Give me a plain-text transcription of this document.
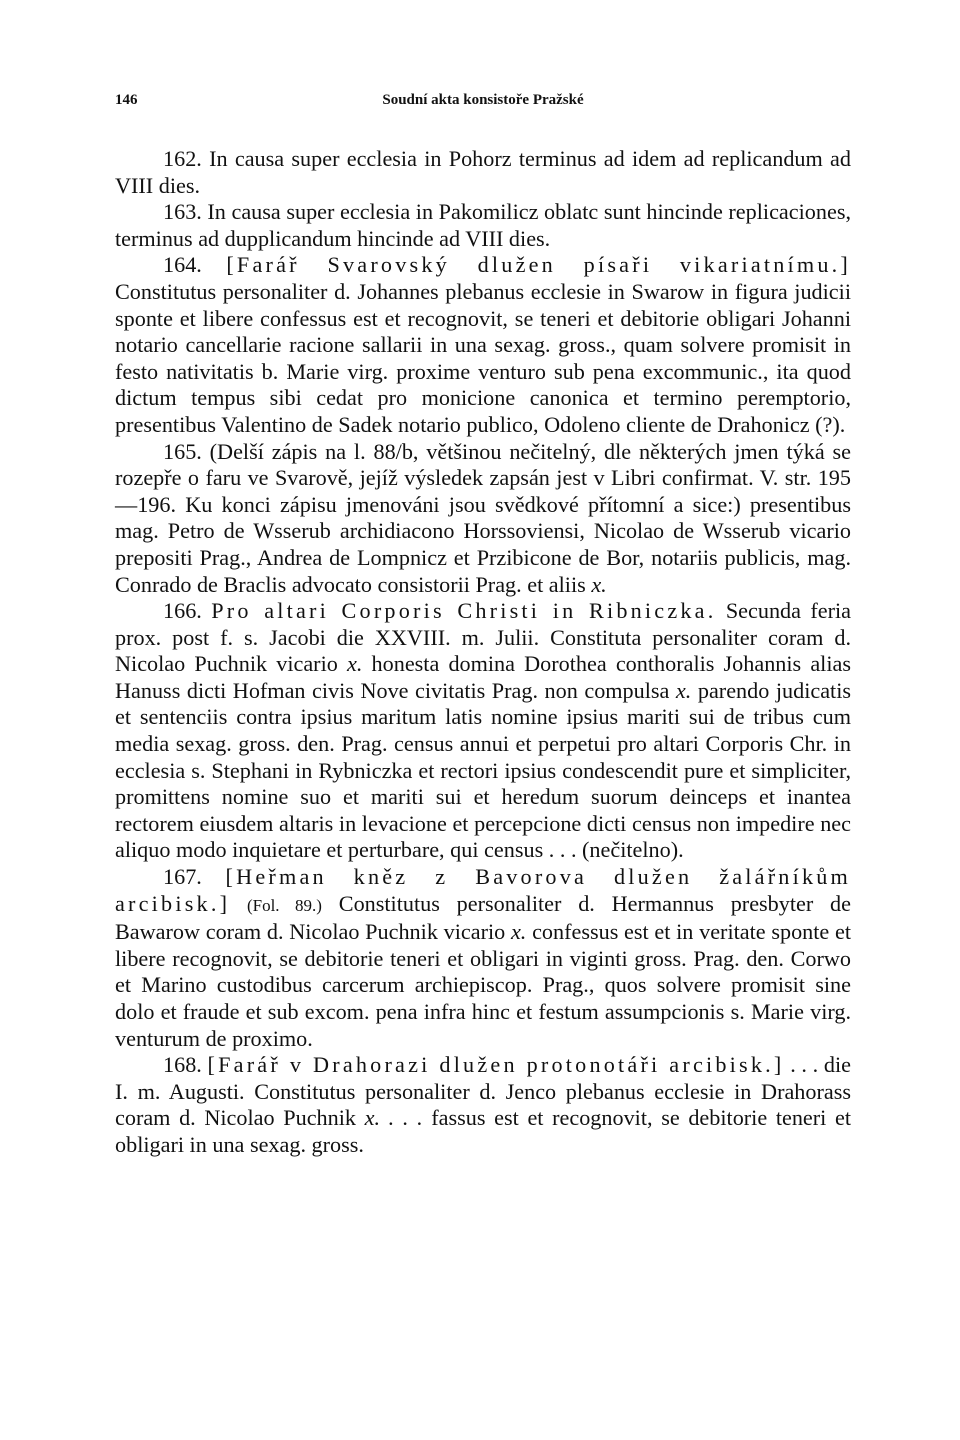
146	Soudní akta konsistoře Pražské

162. In causa super ecclesia in Pohorz terminus ad idem ad replicandum ad VIII dies.

163. In causa super ecclesia in Pakomilicz oblatc sunt hincinde replicaciones, terminus ad dupplicandum hincinde ad VIII dies.

164. [Farář Svarovský dlužen písaři vikariatnímu.] Constitutus personaliter d. Johannes plebanus ecclesie in Swarow in figura judicii sponte et libere confessus est et recognovit, se teneri et debitorie obligari Johanni notario cancellarie racione sallarii in una sexag. gross., quam solvere promisit in festo nativitatis b. Marie virg. proxime venturo sub pena excommunic., ita quod dictum tempus sibi cedat pro monicione canonica et termino peremptorio, presentibus Valentino de Sadek notario publico, Odoleno cliente de Drahonicz (?).

165. (Delší zápis na l. 88/b, většinou nečitelný, dle některých jmen týká se rozepře o faru ve Svarově, jejíž výsledek zapsán jest v Libri confirmat. V. str. 195—196. Ku konci zápisu jmenováni jsou svědkové přítomní a sice:) presentibus mag. Petro de Wsserub archidiacono Horssoviensi, Nicolao de Wsserub vicario prepositi Prag., Andrea de Lompnicz et Przibicone de Bor, notariis publicis, mag. Conrado de Braclis advocato consistorii Prag. et aliis x.

166. Pro altari Corporis Christi in Ribniczka. Secunda feria prox. post f. s. Jacobi die XXVIII. m. Julii. Constituta personaliter coram d. Nicolao Puchnik vicario x. honesta domina Dorothea conthoralis Johannis alias Hanuss dicti Hofman civis Nove civitatis Prag. non compulsa x. parendo judicatis et sentenciis contra ipsius maritum latis nomine ipsius mariti sui de tribus cum media sexag. gross. den. Prag. census annui et perpetui pro altari Corporis Chr. in ecclesia s. Stephani in Rybniczka et rectori ipsius condescendit pure et simpliciter, promittens nomine suo et mariti sui et heredum suorum deinceps et inantea rectorem eiusdem altaris in levacione et percepcione dicti census non impedire nec aliquo modo inquietare et perturbare, qui census . . . (nečitelno).

167. [Heřman kněz z Bavorova dlužen žalářníkům arcibisk.] (Fol. 89.) Constitutus personaliter d. Hermannus presbyter de Bawarow coram d. Nicolao Puchnik vicario x. confessus est et in veritate sponte et libere recognovit, se debitorie teneri et obligari in viginti gross. Prag. den. Corwo et Marino custodibus carcerum archiepiscop. Prag., quos solvere promisit sine dolo et fraude et sub excom. pena infra hinc et festum assumpcionis s. Marie virg. venturum de proximo.

168. [Farář v Drahorazi dlužen protonotáři arcibisk.] . . . die I. m. Augusti. Constitutus personaliter d. Jenco plebanus ecclesie in Drahorass coram d. Nicolao Puchnik x. . . . fassus est et recognovit, se debitorie teneri et obligari in una sexag. gross.
